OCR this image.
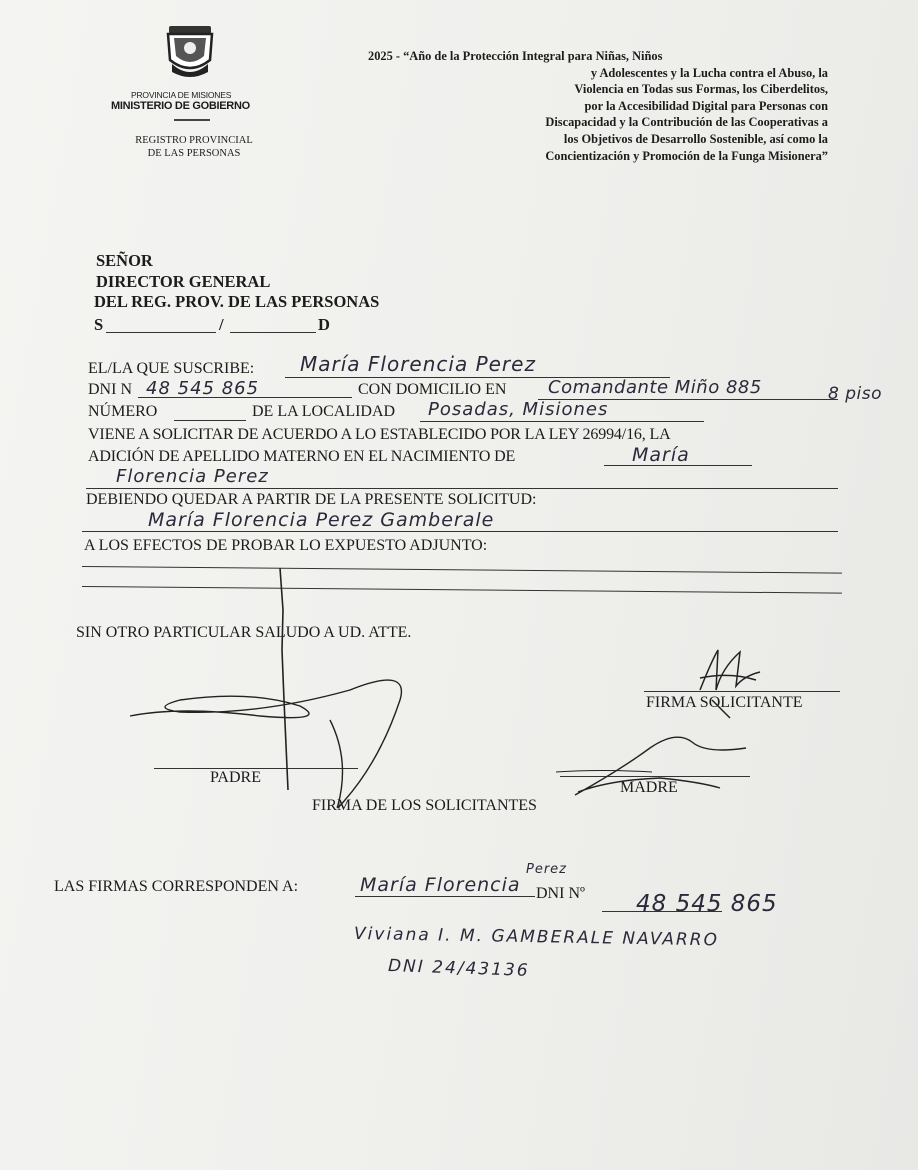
PROVINCIA DE MISIONES
MINISTERIO DE GOBIERNO
REGISTRO PROVINCIAL
DE LAS PERSONAS
2025 - “Año de la Protección Integral para Niñas, Niños
y Adolescentes y la Lucha contra el Abuso, la
Violencia en Todas sus Formas, los Ciberdelitos,
por la Accesibilidad Digital para Personas con
Discapacidad y la Contribución de las Cooperativas a
los Objetivos de Desarrollo Sostenible, así como la
Concientización y Promoción de la Funga Misionera”
SEÑOR
DIRECTOR GENERAL
DEL REG. PROV. DE LAS PERSONAS
S	/	D
EL/LA QUE SUSCRIBE: María Florencia Perez
DNI N 48 545 865	CON DOMICILIO EN Comandante Miño 885	8 piso
NÚMERO	DE LA LOCALIDAD Posadas, Misiones
VIENE A SOLICITAR DE ACUERDO A LO ESTABLECIDO POR LA LEY 26994/16, LA
ADICIÓN DE APELLIDO MATERNO EN EL NACIMIENTO DE	María
Florencia Perez
DEBIENDO QUEDAR A PARTIR DE LA PRESENTE SOLICITUD:
María Florencia Perez Gamberale
A LOS EFECTOS DE PROBAR LO EXPUESTO ADJUNTO:
SIN OTRO PARTICULAR SALUDO A UD. ATTE.
FIRMA SOLICITANTE
PADRE
MADRE
FIRMA DE LOS SOLICITANTES
LAS FIRMAS CORRESPONDEN A:	María Florencia
Perez
DNI Nº 48 545 865
Viviana I. M. GAMBERALE NAVARRO
DNI 24/43136
